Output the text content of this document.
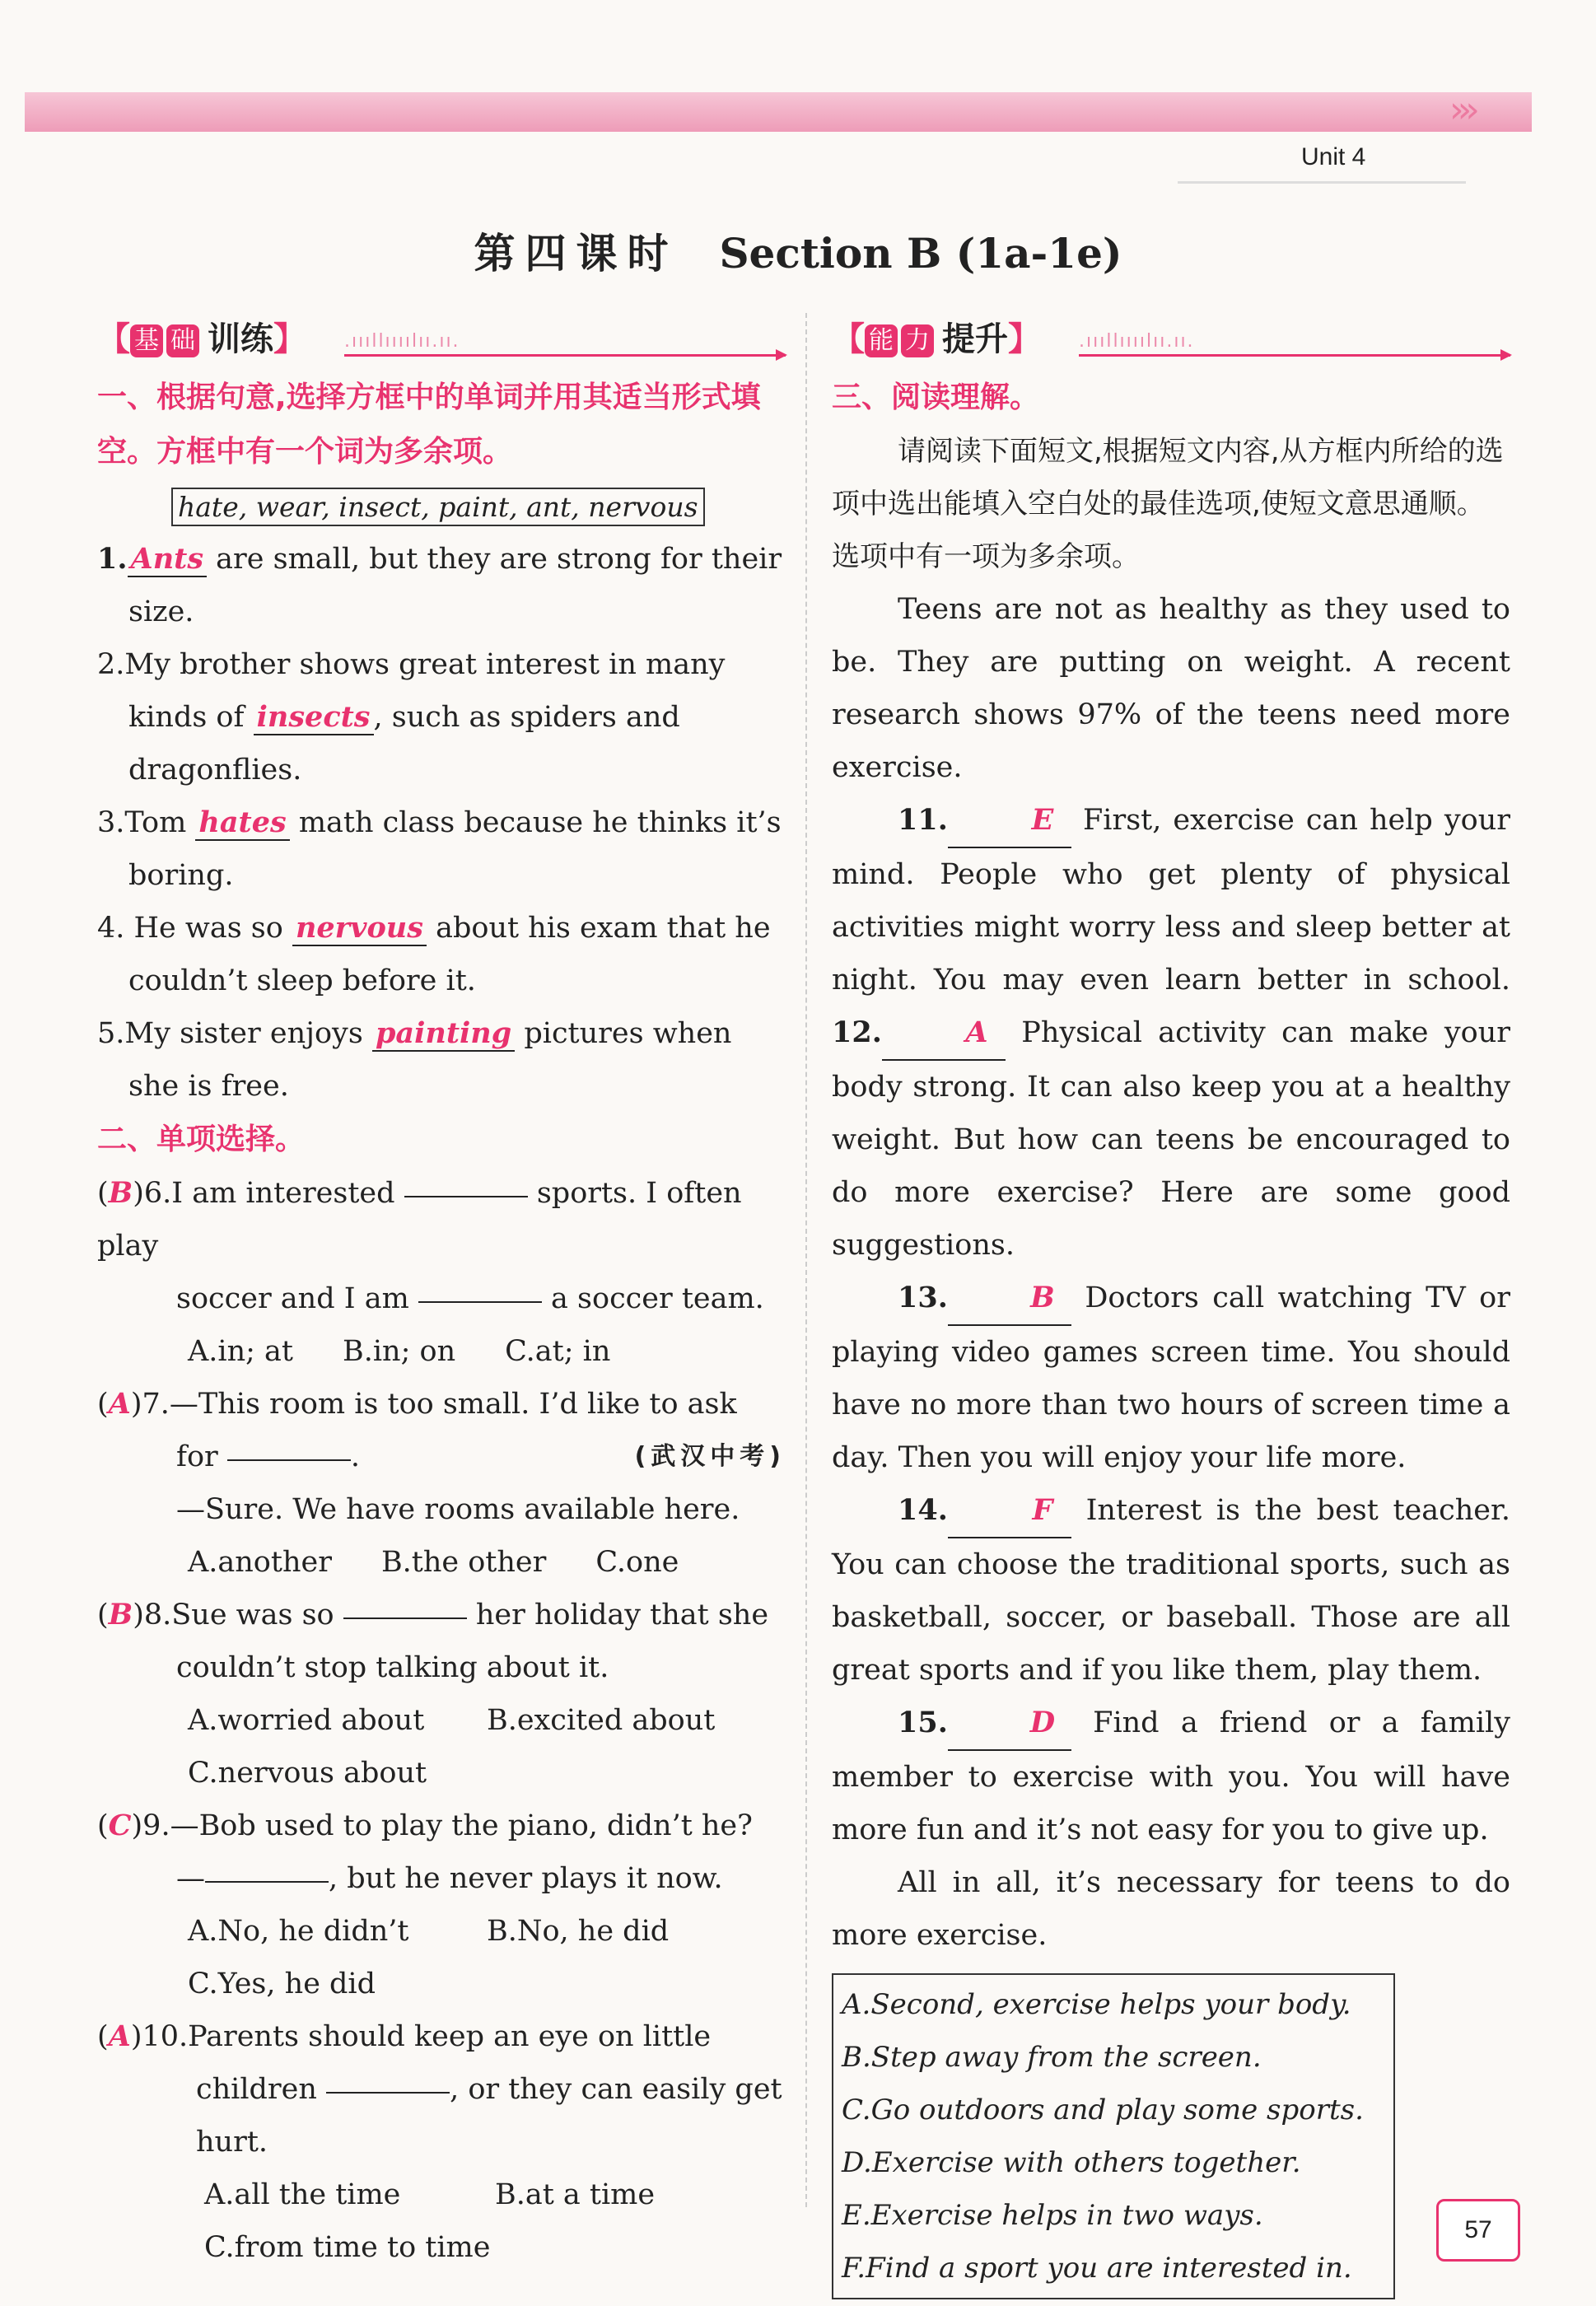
›››
Unit 4
第四课时 Section B (1a-1e)
【 基 础 训练】 .ıııllıııılıı.ıı.

一、根据句意,选择方框中的单词并用其适当形式填空。方框中有一个词为多余项。

hate, wear, insect, paint, ant, nervous

1. Ants are small, but they are strong for their size.

2.My brother shows great interest in many kinds of insects , such as spiders and dragonflies.

3.Tom hates math class because he thinks it’s boring.

4. He was so nervous about his exam that he couldn’t sleep before it.

5.My sister enjoys painting pictures when she is free.

二、单项选择。

(B)6.I am interested	sports. I often play

soccer and I am	a soccer team.

A.in; at B.in; on C.at; in

(A)7.—This room is too small. I’d like to ask

for	.	(武汉中考)

—Sure. We have rooms available here.

A.another B.the other C.one

(B)8.Sue was so	her holiday that she

couldn’t stop talking about it.

A.worried about	B.excited about
C.nervous about

(C)9.—Bob used to play the piano, didn’t he?

—	, but he never plays it now.

A.No, he didn’t	B.No, he did
C.Yes, he did

(A)10.Parents should keep an eye on little

children	, or they can easily get

hurt.

A.all the time	B.at a time
C.from time to time
【 能 力 提升】 .ıııllıııılıı.ıı.

三、阅读理解。

请阅读下面短文,根据短文内容,从方框内所给的选项中选出能填入空白处的最佳选项,使短文意思通顺。选项中有一项为多余项。

Teens are not as healthy as they used to be. They are putting on weight. A recent research shows 97% of the teens need more exercise.

11.	E First, exercise can help your mind. People who get plenty of physical activities might worry less and sleep better at night. You may even learn better in school. 12.	A Physical activity can make your body strong. It can also keep you at a healthy weight. But how can teens be encouraged to do more exercise? Here are some good suggestions.

13.	B Doctors call watching TV or playing video games screen time. You should have no more than two hours of screen time a day. Then you will enjoy your life more.

14.	F Interest is the best teacher. You can choose the traditional sports, such as basketball, soccer, or baseball. Those are all great sports and if you like them, play them.

15.	D Find a friend or a family member to exercise with you. You will have more fun and it’s not easy for you to give up.

All in all, it’s necessary for teens to do more exercise.

A.Second, exercise helps your body.
B.Step away from the screen.
C.Go outdoors and play some sports.
D.Exercise with others together.
E.Exercise helps in two ways.
F.Find a sport you are interested in.
57
